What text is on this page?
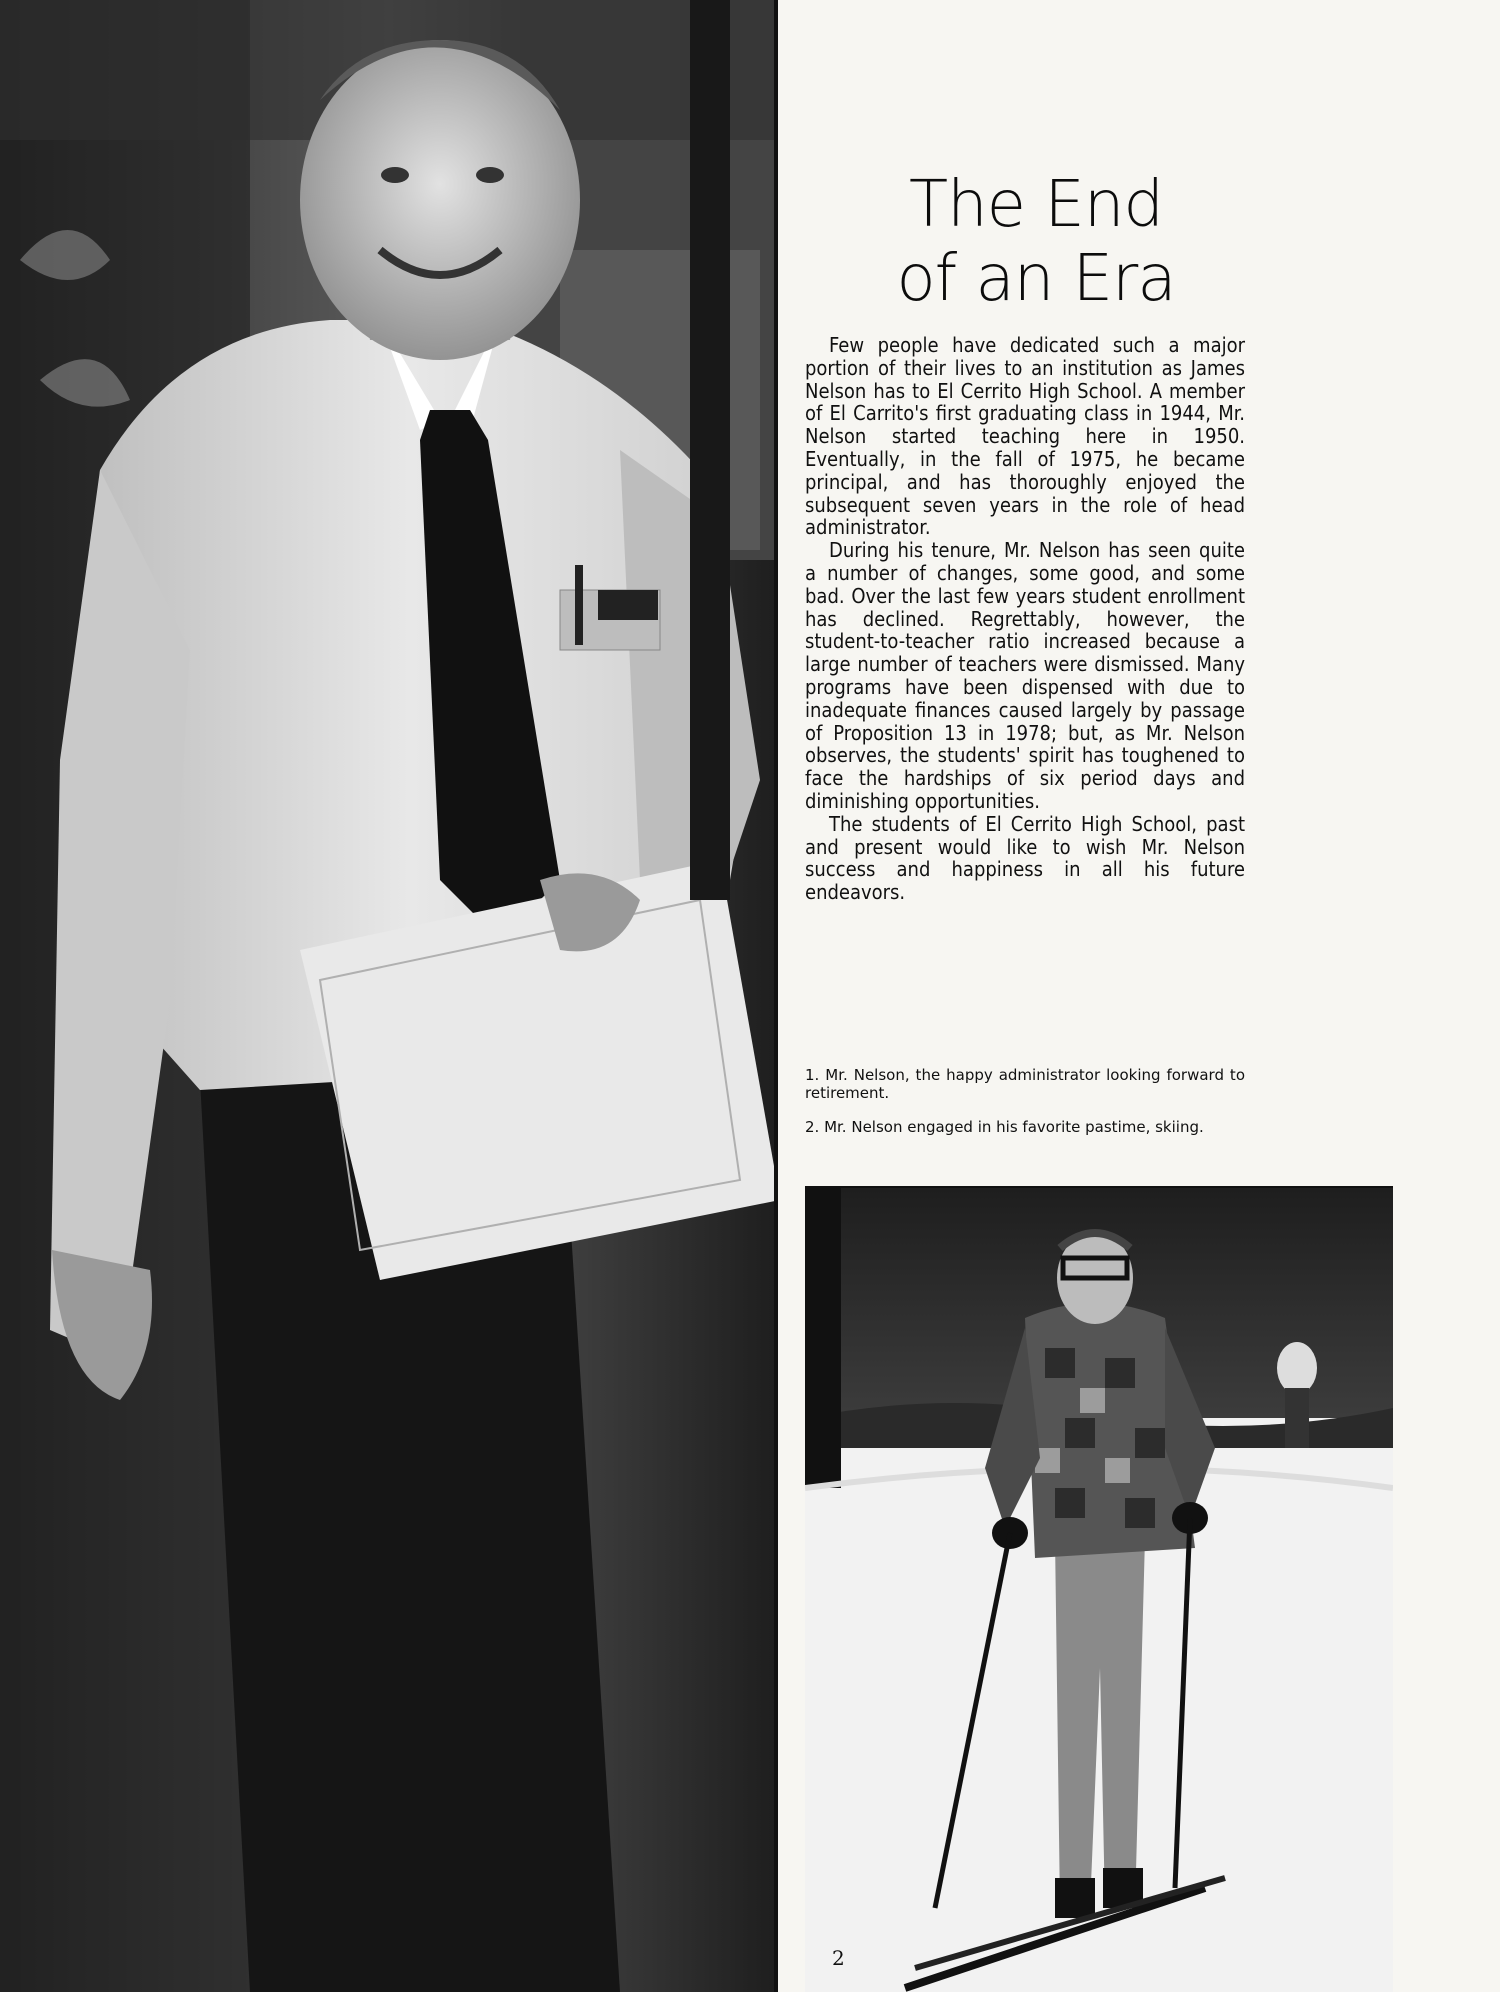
The End
of an Era

Few people have dedicated such a major portion of their lives to an institution as James Nelson has to El Cerrito High School. A member of El Carrito's first graduating class in 1944, Mr. Nelson started teaching here in 1950. Eventually, in the fall of 1975, he became principal, and has thoroughly enjoyed the subsequent seven years in the role of head administrator.

During his tenure, Mr. Nelson has seen quite a number of changes, some good, and some bad. Over the last few years student enrollment has declined. Regrettably, however, the student-to-teacher ratio increased because a large number of teachers were dismissed. Many programs have been dispensed with due to inadequate finances caused largely by passage of Proposition 13 in 1978; but, as Mr. Nelson observes, the students' spirit has toughened to face the hardships of six period days and diminishing opportunities.

The students of El Cerrito High School, past and present would like to wish Mr. Nelson success and happiness in all his future endeavors.

1. Mr. Nelson, the happy administrator looking forward to retirement.

2. Mr. Nelson engaged in his favorite pastime, skiing.

2
